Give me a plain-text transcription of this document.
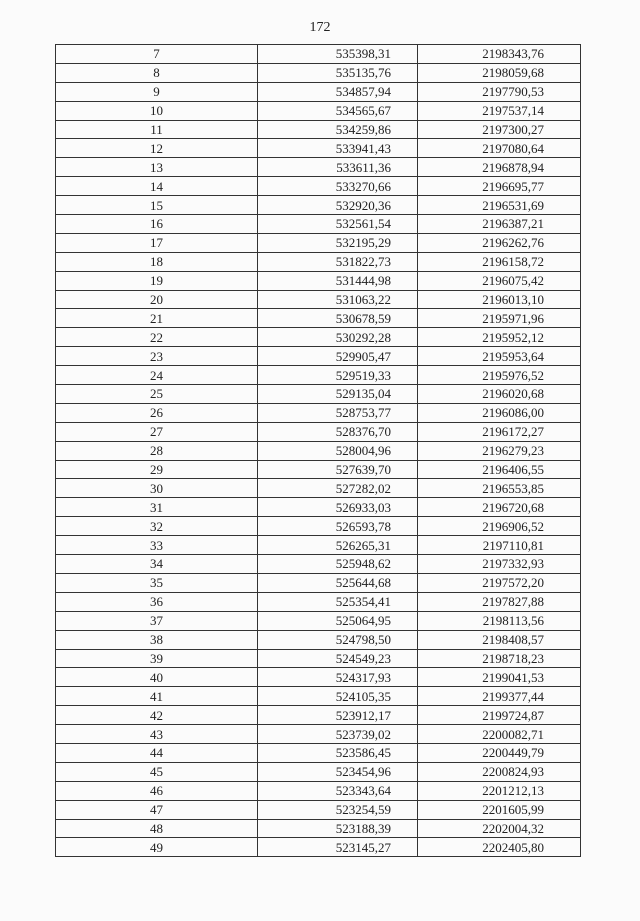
172
7	535398,31	2198343,76
8	535135,76	2198059,68
9	534857,94	2197790,53
10	534565,67	2197537,14
11	534259,86	2197300,27
12	533941,43	2197080,64
13	533611,36	2196878,94
14	533270,66	2196695,77
15	532920,36	2196531,69
16	532561,54	2196387,21
17	532195,29	2196262,76
18	531822,73	2196158,72
19	531444,98	2196075,42
20	531063,22	2196013,10
21	530678,59	2195971,96
22	530292,28	2195952,12
23	529905,47	2195953,64
24	529519,33	2195976,52
25	529135,04	2196020,68
26	528753,77	2196086,00
27	528376,70	2196172,27
28	528004,96	2196279,23
29	527639,70	2196406,55
30	527282,02	2196553,85
31	526933,03	2196720,68
32	526593,78	2196906,52
33	526265,31	2197110,81
34	525948,62	2197332,93
35	525644,68	2197572,20
36	525354,41	2197827,88
37	525064,95	2198113,56
38	524798,50	2198408,57
39	524549,23	2198718,23
40	524317,93	2199041,53
41	524105,35	2199377,44
42	523912,17	2199724,87
43	523739,02	2200082,71
44	523586,45	2200449,79
45	523454,96	2200824,93
46	523343,64	2201212,13
47	523254,59	2201605,99
48	523188,39	2202004,32
49	523145,27	2202405,80
